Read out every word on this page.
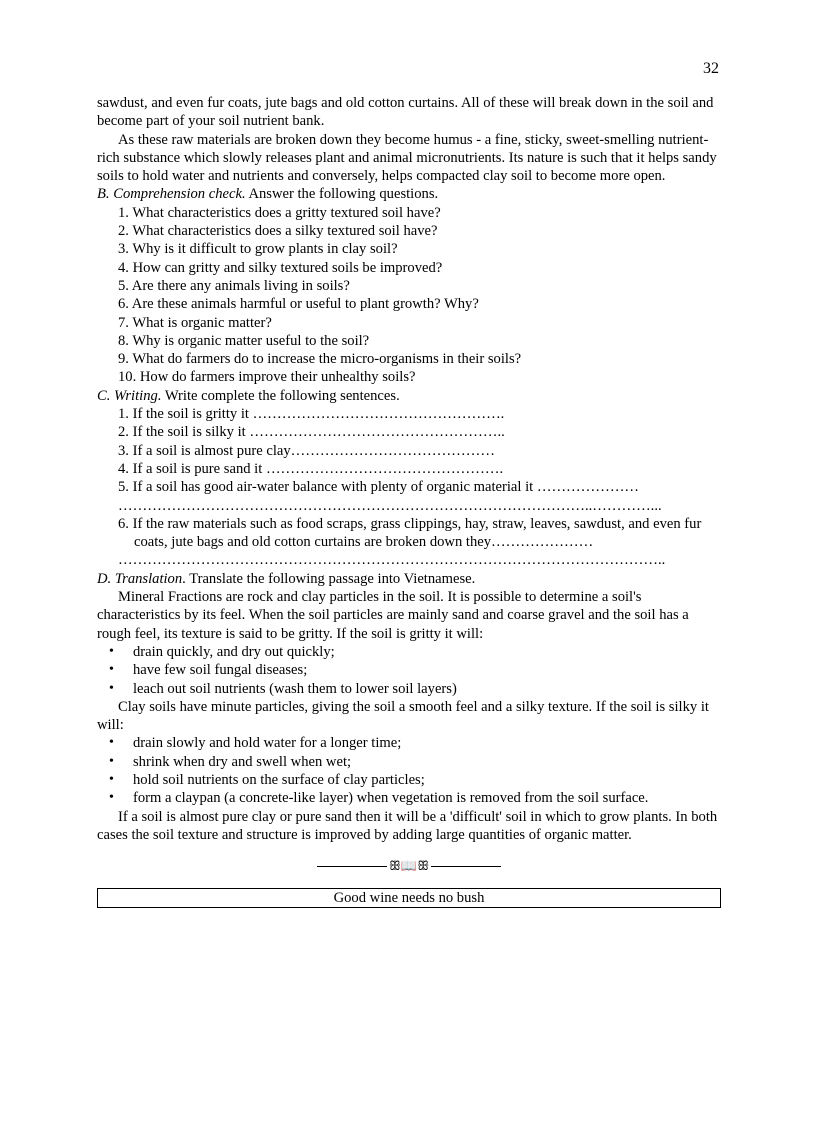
32

sawdust, and even fur coats, jute bags and old cotton curtains. All of these will break down in the soil and become part of your soil nutrient bank.

As these raw materials are broken down they become humus - a fine, sticky, sweet-smelling nutrient-rich substance which slowly releases plant and animal micronutrients. Its nature is such that it helps sandy soils to hold water and nutrients and conversely, helps compacted clay soil to become more open.

B. Comprehension check. Answer the following questions.

1. What characteristics does a gritty textured soil have?

2. What characteristics does a silky textured soil have?

3. Why is it difficult to grow plants in clay soil?

4. How can gritty and silky textured soils be improved?

5. Are there any animals living in soils?

6. Are these animals harmful or useful to plant growth? Why?

7. What is organic matter?

8. Why is organic matter useful to the soil?

9. What do farmers do to increase the micro-organisms in their soils?

10. How do farmers improve their unhealthy soils?

C. Writing. Write complete the following sentences.

1. If the soil is gritty it …………………………………………….

2. If the soil is silky it ……………………………………………..

3. If a soil is almost pure clay……………………………………

4. If a soil is pure sand it ………………………………………….

5. If a soil has good air-water balance with plenty of organic material it …………………

……………………………………………………………………………………..…………...

6. If the raw materials such as food scraps, grass clippings, hay, straw, leaves, sawdust, and even fur coats, jute bags and old cotton curtains are broken down they…………………

…………………………………………………………………………………………………..

D. Translation. Translate the following passage into Vietnamese.

Mineral Fractions are rock and clay particles in the soil. It is possible to determine a soil's characteristics by its feel. When the soil particles are mainly sand and coarse gravel and the soil has a rough feel, its texture is said to be gritty. If the soil is gritty it will:

• drain quickly, and dry out quickly;
• have few soil fungal diseases;
• leach out soil nutrients (wash them to lower soil layers)

Clay soils have minute particles, giving the soil a smooth feel and a silky texture. If the soil is silky it will:

• drain slowly and hold water for a longer time;
• shrink when dry and swell when wet;
• hold soil nutrients on the surface of clay particles;
• form a claypan (a concrete-like layer) when vegetation is removed from the soil surface.

If a soil is almost pure clay or pure sand then it will be a 'difficult' soil in which to grow plants. In both cases the soil texture and structure is improved by adding large quantities of organic matter.

ꕥ📖ꕥ
Good wine needs no bush
